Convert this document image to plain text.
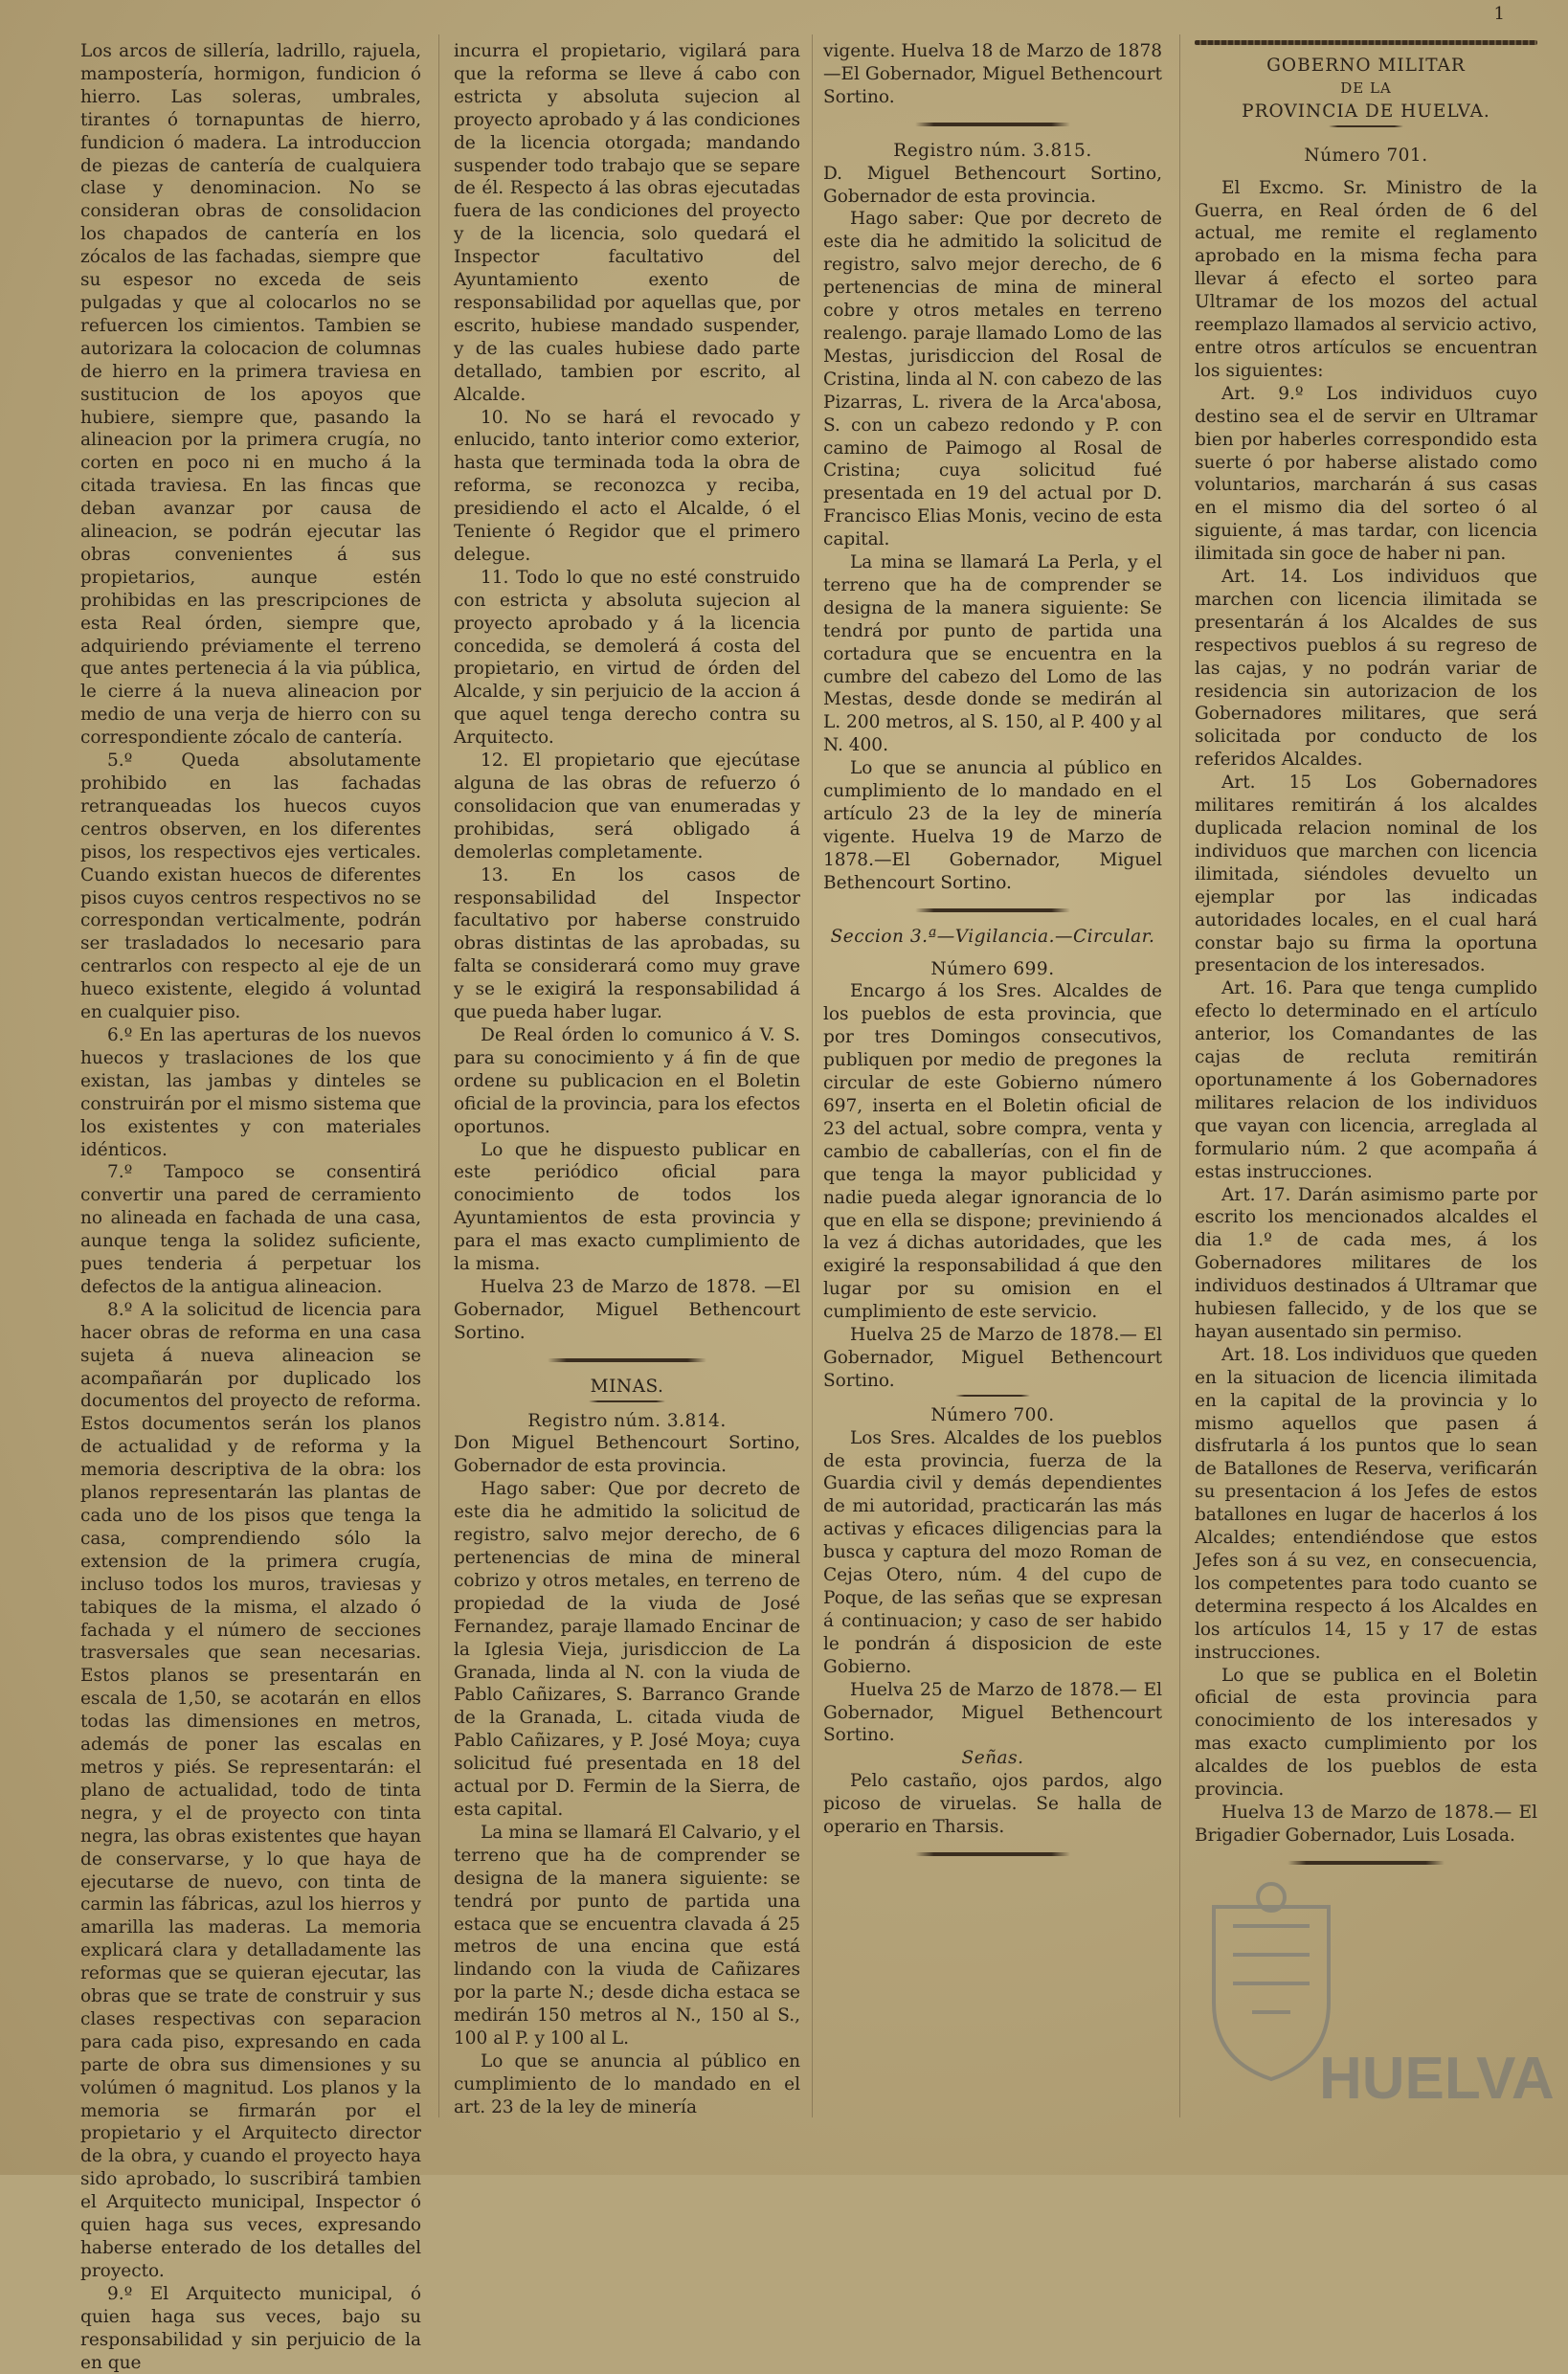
1

Los arcos de sillería, ladrillo, rajuela, mampostería, hormigon, fundicion ó hierro. Las soleras, umbrales, tirantes ó tornapuntas de hierro, fundicion ó madera. La introduccion de piezas de cantería de cualquiera clase y denominacion. No se consideran obras de consolidacion los chapados de cantería en los zócalos de las fachadas, siempre que su espesor no exceda de seis pulgadas y que al colocarlos no se refuercen los cimientos. Tambien se autorizara la colocacion de columnas de hierro en la primera traviesa en sustitucion de los apoyos que hubiere, siempre que, pasando la alineacion por la primera crugía, no corten en poco ni en mucho á la citada traviesa. En las fincas que deban avanzar por causa de alineacion, se podrán ejecutar las obras convenientes á sus propietarios, aunque estén prohibidas en las prescripciones de esta Real órden, siempre que, adquiriendo préviamente el terreno que antes pertenecia á la via pública, le cierre á la nueva alineacion por medio de una verja de hierro con su correspondiente zócalo de cantería.

5.º Queda absolutamente prohibido en las fachadas retranqueadas los huecos cuyos centros observen, en los diferentes pisos, los respectivos ejes verticales. Cuando existan huecos de diferentes pisos cuyos centros respectivos no se correspondan verticalmente, podrán ser trasladados lo necesario para centrarlos con respecto al eje de un hueco existente, elegido á voluntad en cualquier piso.

6.º En las aperturas de los nuevos huecos y traslaciones de los que existan, las jambas y dinteles se construirán por el mismo sistema que los existentes y con materiales idénticos.

7.º Tampoco se consentirá convertir una pared de cerramiento no alineada en fachada de una casa, aunque tenga la solidez suficiente, pues tenderia á perpetuar los defectos de la antigua alineacion.

8.º A la solicitud de licencia para hacer obras de reforma en una casa sujeta á nueva alineacion se acompañarán por duplicado los documentos del proyecto de reforma. Estos documentos serán los planos de actualidad y de reforma y la memoria descriptiva de la obra: los planos representarán las plantas de cada uno de los pisos que tenga la casa, comprendiendo sólo la extension de la primera crugía, incluso todos los muros, traviesas y tabiques de la misma, el alzado ó fachada y el número de secciones trasversales que sean necesarias. Estos planos se presentarán en escala de 1,50, se acotarán en ellos todas las dimensiones en metros, además de poner las escalas en metros y piés. Se representarán: el plano de actualidad, todo de tinta negra, y el de proyecto con tinta negra, las obras existentes que hayan de conservarse, y lo que haya de ejecutarse de nuevo, con tinta de carmin las fábricas, azul los hierros y amarilla las maderas. La memoria explicará clara y detalladamente las reformas que se quieran ejecutar, las obras que se trate de construir y sus clases respectivas con separacion para cada piso, expresando en cada parte de obra sus dimensiones y su volúmen ó magnitud. Los planos y la memoria se firmarán por el propietario y el Arquitecto director de la obra, y cuando el proyecto haya sido aprobado, lo suscribirá tambien el Arquitecto municipal, Inspector ó quien haga sus veces, expresando haberse enterado de los detalles del proyecto.

9.º El Arquitecto municipal, ó quien haga sus veces, bajo su responsabilidad y sin perjuicio de la en que

incurra el propietario, vigilará para que la reforma se lleve á cabo con estricta y absoluta sujecion al proyecto aprobado y á las condiciones de la licencia otorgada; mandando suspender todo trabajo que se separe de él. Respecto á las obras ejecutadas fuera de las condiciones del proyecto y de la licencia, solo quedará el Inspector facultativo del Ayuntamiento exento de responsabilidad por aquellas que, por escrito, hubiese mandado suspender, y de las cuales hubiese dado parte detallado, tambien por escrito, al Alcalde.

10. No se hará el revocado y enlucido, tanto interior como exterior, hasta que terminada toda la obra de reforma, se reconozca y reciba, presidiendo el acto el Alcalde, ó el Teniente ó Regidor que el primero delegue.

11. Todo lo que no esté construido con estricta y absoluta sujecion al proyecto aprobado y á la licencia concedida, se demolerá á costa del propietario, en virtud de órden del Alcalde, y sin perjuicio de la accion á que aquel tenga derecho contra su Arquitecto.

12. El propietario que ejecútase alguna de las obras de refuerzo ó consolidacion que van enumeradas y prohibidas, será obligado á demolerlas completamente.

13. En los casos de responsabilidad del Inspector facultativo por haberse construido obras distintas de las aprobadas, su falta se considerará como muy grave y se le exigirá la responsabilidad á que pueda haber lugar.

De Real órden lo comunico á V. S. para su conocimiento y á fin de que ordene su publicacion en el Boletin oficial de la provincia, para los efectos oportunos.

Lo que he dispuesto publicar en este periódico oficial para conocimiento de todos los Ayuntamientos de esta provincia y para el mas exacto cumplimiento de la misma.

Huelva 23 de Marzo de 1878. —El Gobernador, Miguel Bethencourt Sortino.

MINAS.

Registro núm. 3.814.

Don Miguel Bethencourt Sortino, Gobernador de esta provincia.

Hago saber: Que por decreto de este dia he admitido la solicitud de registro, salvo mejor derecho, de 6 pertenencias de mina de mineral cobrizo y otros metales, en terreno de propiedad de la viuda de José Fernandez, paraje llamado Encinar de la Iglesia Vieja, jurisdiccion de La Granada, linda al N. con la viuda de Pablo Cañizares, S. Barranco Grande de la Granada, L. citada viuda de Pablo Cañizares, y P. José Moya; cuya solicitud fué presentada en 18 del actual por D. Fermin de la Sierra, de esta capital.

La mina se llamará El Calvario, y el terreno que ha de comprender se designa de la manera siguiente: se tendrá por punto de partida una estaca que se encuentra clavada á 25 metros de una encina que está lindando con la viuda de Cañizares por la parte N.; desde dicha estaca se medirán 150 metros al N., 150 al S., 100 al P. y 100 al L.

Lo que se anuncia al público en cumplimiento de lo mandado en el art. 23 de la ley de minería

vigente. Huelva 18 de Marzo de 1878 —El Gobernador, Miguel Bethencourt Sortino.

Registro núm. 3.815.

D. Miguel Bethencourt Sortino, Gobernador de esta provincia.

Hago saber: Que por decreto de este dia he admitido la solicitud de registro, salvo mejor derecho, de 6 pertenencias de mina de mineral cobre y otros metales en terreno realengo. paraje llamado Lomo de las Mestas, jurisdiccion del Rosal de Cristina, linda al N. con cabezo de las Pizarras, L. rivera de la Arca'abosa, S. con un cabezo redondo y P. con camino de Paimogo al Rosal de Cristina; cuya solicitud fué presentada en 19 del actual por D. Francisco Elias Monis, vecino de esta capital.

La mina se llamará La Perla, y el terreno que ha de comprender se designa de la manera siguiente: Se tendrá por punto de partida una cortadura que se encuentra en la cumbre del cabezo del Lomo de las Mestas, desde donde se medirán al L. 200 metros, al S. 150, al P. 400 y al N. 400.

Lo que se anuncia al público en cumplimiento de lo mandado en el artículo 23 de la ley de minería vigente. Huelva 19 de Marzo de 1878.—El Gobernador, Miguel Bethencourt Sortino.

Seccion 3.ª—Vigilancia.—Circular.

Número 699.

Encargo á los Sres. Alcaldes de los pueblos de esta provincia, que por tres Domingos consecutivos, publiquen por medio de pregones la circular de este Gobierno número 697, inserta en el Boletin oficial de 23 del actual, sobre compra, venta y cambio de caballerías, con el fin de que tenga la mayor publicidad y nadie pueda alegar ignorancia de lo que en ella se dispone; previniendo á la vez á dichas autoridades, que les exigiré la responsabilidad á que den lugar por su omision en el cumplimiento de este servicio.

Huelva 25 de Marzo de 1878.— El Gobernador, Miguel Bethencourt Sortino.

Número 700.

Los Sres. Alcaldes de los pueblos de esta provincia, fuerza de la Guardia civil y demás dependientes de mi autoridad, practicarán las más activas y eficaces diligencias para la busca y captura del mozo Roman de Cejas Otero, núm. 4 del cupo de Poque, de las señas que se expresan á continuacion; y caso de ser habido le pondrán á disposicion de este Gobierno.

Huelva 25 de Marzo de 1878.— El Gobernador, Miguel Bethencourt Sortino.

Señas.

Pelo castaño, ojos pardos, algo picoso de viruelas. Se halla de operario en Tharsis.

GOBERNO MILITAR

DE LA

PROVINCIA DE HUELVA.

Número 701.

El Excmo. Sr. Ministro de la Guerra, en Real órden de 6 del actual, me remite el reglamento aprobado en la misma fecha para llevar á efecto el sorteo para Ultramar de los mozos del actual reemplazo llamados al servicio activo, entre otros artículos se encuentran los siguientes:

Art. 9.º Los individuos cuyo destino sea el de servir en Ultramar bien por haberles correspondido esta suerte ó por haberse alistado como voluntarios, marcharán á sus casas en el mismo dia del sorteo ó al siguiente, á mas tardar, con licencia ilimitada sin goce de haber ni pan.

Art. 14. Los individuos que marchen con licencia ilimitada se presentarán á los Alcaldes de sus respectivos pueblos á su regreso de las cajas, y no podrán variar de residencia sin autorizacion de los Gobernadores militares, que será solicitada por conducto de los referidos Alcaldes.

Art. 15 Los Gobernadores militares remitirán á los alcaldes duplicada relacion nominal de los individuos que marchen con licencia ilimitada, siéndoles devuelto un ejemplar por las indicadas autoridades locales, en el cual hará constar bajo su firma la oportuna presentacion de los interesados.

Art. 16. Para que tenga cumplido efecto lo determinado en el artículo anterior, los Comandantes de las cajas de recluta remitirán oportunamente á los Gobernadores militares relacion de los individuos que vayan con licencia, arreglada al formulario núm. 2 que acompaña á estas instrucciones.

Art. 17. Darán asimismo parte por escrito los mencionados alcaldes el dia 1.º de cada mes, á los Gobernadores militares de los individuos destinados á Ultramar que hubiesen fallecido, y de los que se hayan ausentado sin permiso.

Art. 18. Los individuos que queden en la situacion de licencia ilimitada en la capital de la provincia y lo mismo aquellos que pasen á disfrutarla á los puntos que lo sean de Batallones de Reserva, verificarán su presentacion á los Jefes de estos batallones en lugar de hacerlos á los Alcaldes; entendiéndose que estos Jefes son á su vez, en consecuencia, los competentes para todo cuanto se determina respecto á los Alcaldes en los artículos 14, 15 y 17 de estas instrucciones.

Lo que se publica en el Boletin oficial de esta provincia para conocimiento de los interesados y mas exacto cumplimiento por los alcaldes de los pueblos de esta provincia.

Huelva 13 de Marzo de 1878.— El Brigadier Gobernador, Luis Losada.

HUELVA
